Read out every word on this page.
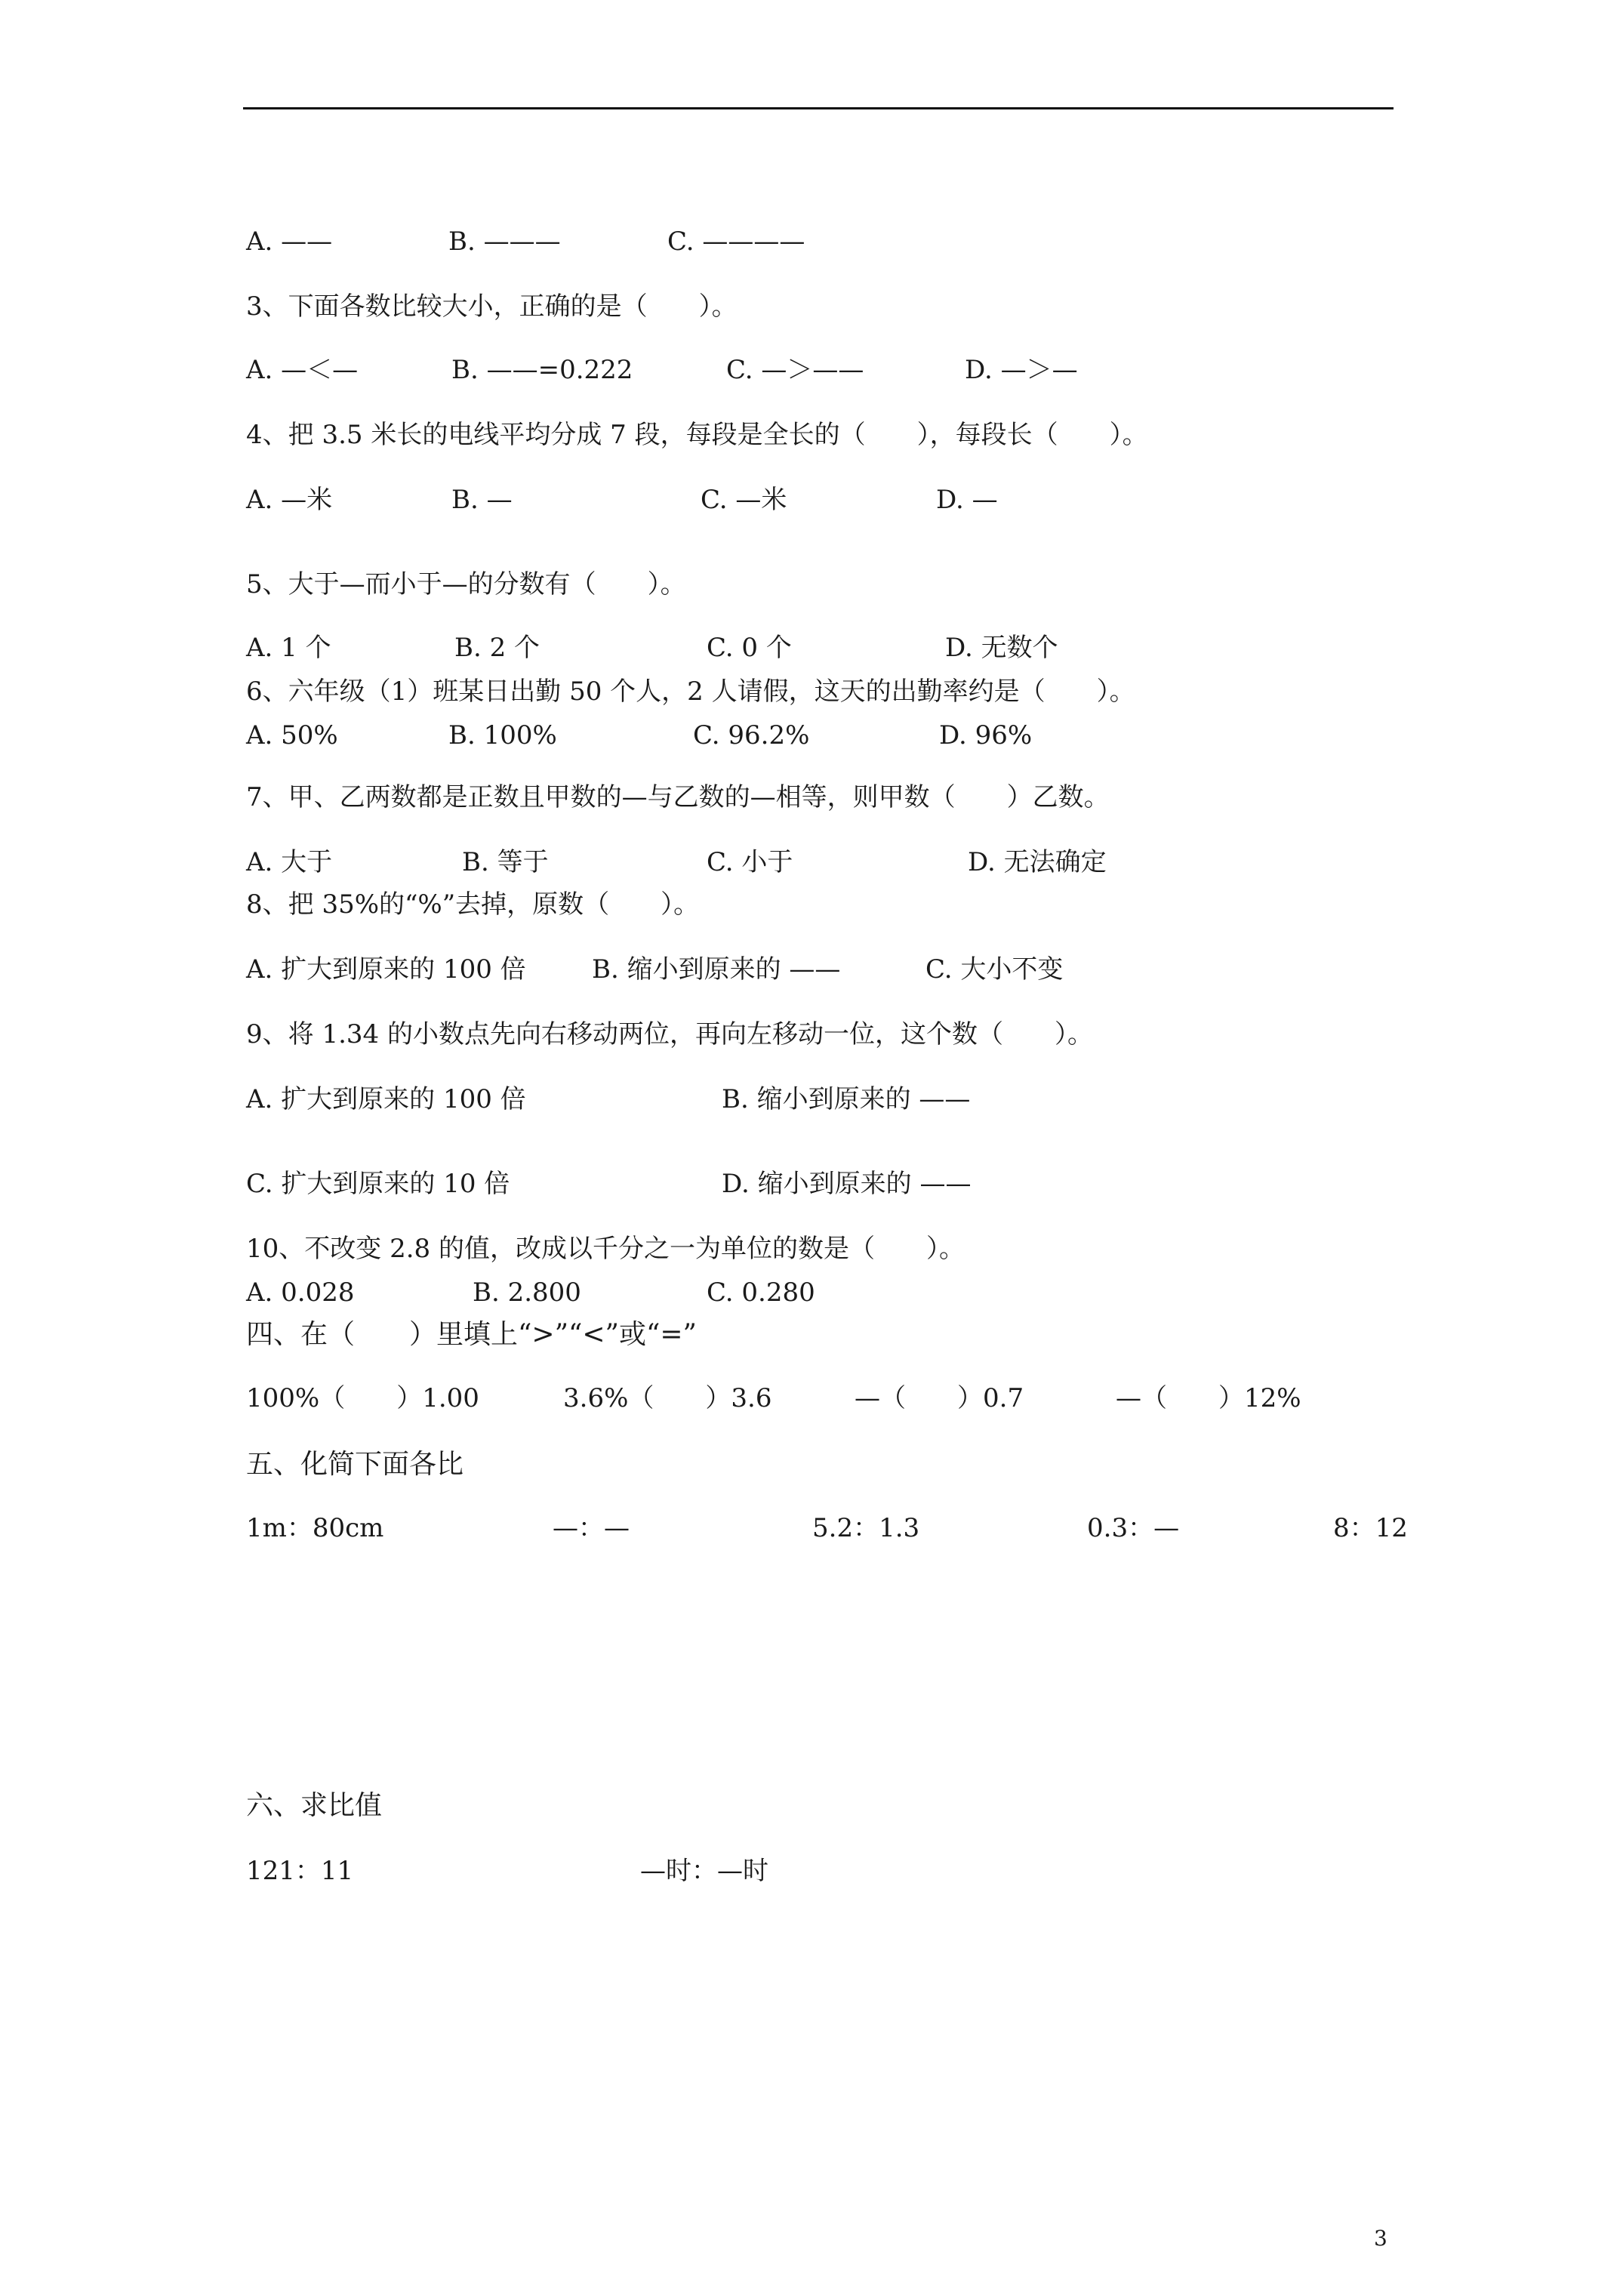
A. ——	B. ———	C. ————
3、下面各数比较大小，正确的是（　　）。
A. —＜—	B. ——=0.222	C. —＞——	D. —＞—
4、把 3.5 米长的电线平均分成 7 段，每段是全长的（　　），每段长（　　）。
A. —米	B. —	C. —米	D. —
5、大于—而小于—的分数有（　　）。
A. 1 个	B. 2 个	C. 0 个	D. 无数个
6、六年级（1）班某日出勤 50 个人，2 人请假，这天的出勤率约是（　　）。
A. 50%	B. 100%	C. 96.2%	D. 96%
7、甲、乙两数都是正数且甲数的—与乙数的—相等，则甲数（　　）乙数。
A. 大于	B. 等于	C. 小于	D. 无法确定
8、把 35%的“%”去掉，原数（　　）。
A. 扩大到原来的 100 倍	B. 缩小到原来的 ——	C. 大小不变
9、将 1.34 的小数点先向右移动两位，再向左移动一位，这个数（　　）。
A. 扩大到原来的 100 倍	B. 缩小到原来的 ——
C. 扩大到原来的 10 倍	D. 缩小到原来的 ——
10、不改变 2.8 的值，改成以千分之一为单位的数是（　　）。
A. 0.028	B. 2.800	C. 0.280
四、在（　　）里填上“>”“<”或“=”
100%（　　）1.00	3.6%（　　）3.6	—（　　）0.7	—（　　）12%
五、化简下面各比
1m：80cm	—：—	5.2：1.3	0.3：—	8：12
六、求比值
121：11	—时：—时
3
